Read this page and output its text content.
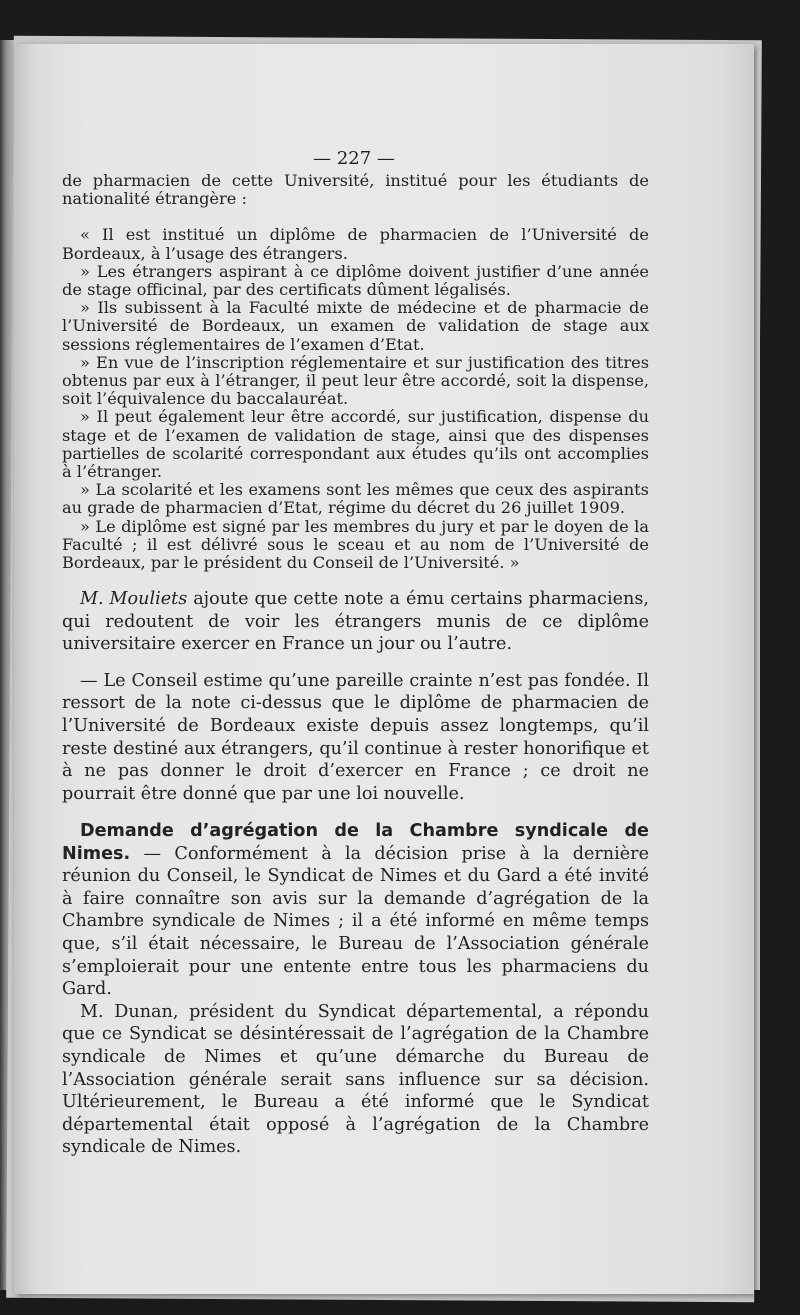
— 227 —

de pharmacien de cette Université, institué pour les étudiants de nationalité étrangère :

« Il est institué un diplôme de pharmacien de l’Université de Bordeaux, à l’usage des étrangers.

» Les étrangers aspirant à ce diplôme doivent justifier d’une année de stage officinal, par des certificats dûment légalisés.

» Ils subissent à la Faculté mixte de médecine et de pharmacie de l’Université de Bordeaux, un examen de validation de stage aux sessions réglementaires de l’examen d’Etat.

» En vue de l’inscription réglementaire et sur justification des titres obtenus par eux à l’étranger, il peut leur être accordé, soit la dispense, soit l’équivalence du baccalauréat.

» Il peut également leur être accordé, sur justification, dispense du stage et de l’examen de validation de stage, ainsi que des dispenses partielles de scolarité correspondant aux études qu’ils ont accomplies à l’étranger.

» La scolarité et les examens sont les mêmes que ceux des aspirants au grade de pharmacien d’Etat, régime du décret du 26 juillet 1909.

» Le diplôme est signé par les membres du jury et par le doyen de la Faculté ; il est délivré sous le sceau et au nom de l’Université de Bordeaux, par le président du Conseil de l’Université. »

M. Mouliets ajoute que cette note a ému certains pharmaciens, qui redoutent de voir les étrangers munis de ce diplôme universitaire exercer en France un jour ou l’autre.

— Le Conseil estime qu’une pareille crainte n’est pas fondée. Il ressort de la note ci-dessus que le diplôme de pharmacien de l’Université de Bordeaux existe depuis assez longtemps, qu’il reste destiné aux étrangers, qu’il continue à rester honorifique et à ne pas donner le droit d’exercer en France ; ce droit ne pourrait être donné que par une loi nouvelle.

Demande d’agrégation de la Chambre syndicale de Nimes. — Conformément à la décision prise à la dernière réunion du Conseil, le Syndicat de Nimes et du Gard a été invité à faire connaître son avis sur la demande d’agrégation de la Chambre syndicale de Nimes ; il a été informé en même temps que, s’il était nécessaire, le Bureau de l’Association générale s’emploierait pour une entente entre tous les pharmaciens du Gard.

M. Dunan, président du Syndicat départemental, a répondu que ce Syndicat se désintéressait de l’agrégation de la Chambre syndicale de Nimes et qu’une démarche du Bureau de l’Association générale serait sans influence sur sa décision. Ultérieurement, le Bureau a été informé que le Syndicat départemental était opposé à l’agrégation de la Chambre syndicale de Nimes.
